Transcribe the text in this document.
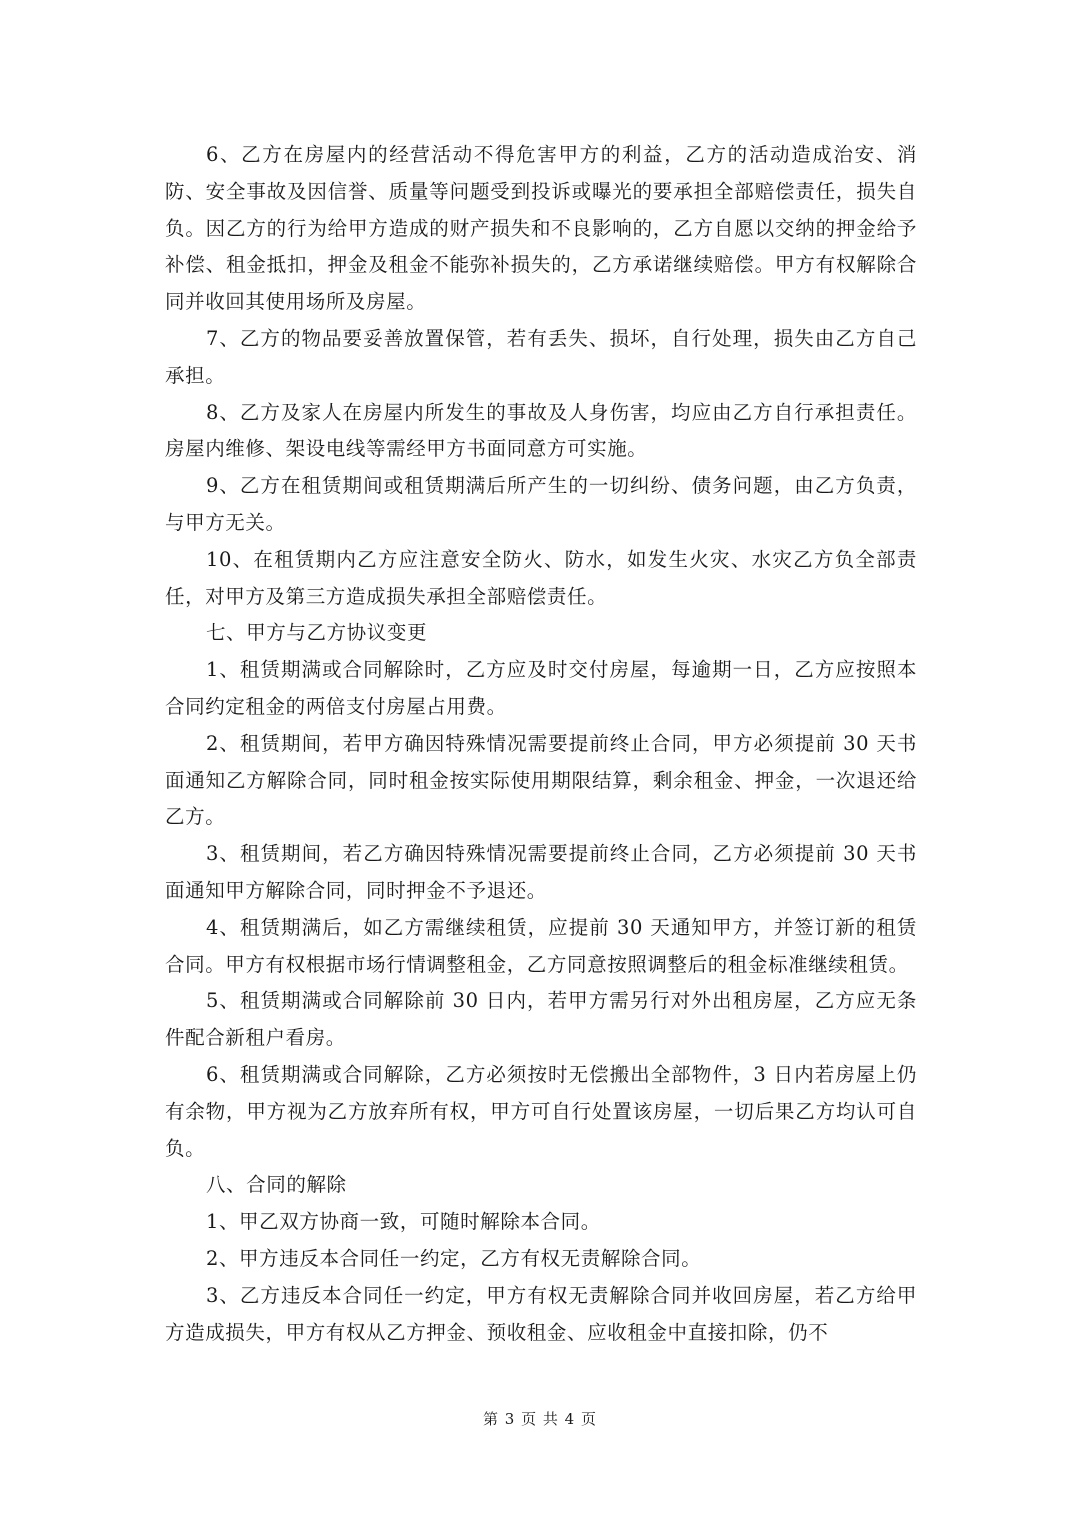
6、乙方在房屋内的经营活动不得危害甲方的利益，乙方的活动造成治安、消防、安全事故及因信誉、质量等问题受到投诉或曝光的要承担全部赔偿责任，损失自负。因乙方的行为给甲方造成的财产损失和不良影响的，乙方自愿以交纳的押金给予补偿、租金抵扣，押金及租金不能弥补损失的，乙方承诺继续赔偿。甲方有权解除合同并收回其使用场所及房屋。

7、乙方的物品要妥善放置保管，若有丢失、损坏，自行处理，损失由乙方自己承担。

8、乙方及家人在房屋内所发生的事故及人身伤害，均应由乙方自行承担责任。房屋内维修、架设电线等需经甲方书面同意方可实施。

9、乙方在租赁期间或租赁期满后所产生的一切纠纷、债务问题，由乙方负责，与甲方无关。

10、在租赁期内乙方应注意安全防火、防水，如发生火灾、水灾乙方负全部责任，对甲方及第三方造成损失承担全部赔偿责任。

七、甲方与乙方协议变更

1、租赁期满或合同解除时，乙方应及时交付房屋，每逾期一日，乙方应按照本合同约定租金的两倍支付房屋占用费。

2、租赁期间，若甲方确因特殊情况需要提前终止合同，甲方必须提前 30 天书面通知乙方解除合同，同时租金按实际使用期限结算，剩余租金、押金，一次退还给乙方。

3、租赁期间，若乙方确因特殊情况需要提前终止合同，乙方必须提前 30 天书面通知甲方解除合同，同时押金不予退还。

4、租赁期满后，如乙方需继续租赁，应提前 30 天通知甲方，并签订新的租赁合同。甲方有权根据市场行情调整租金，乙方同意按照调整后的租金标准继续租赁。

5、租赁期满或合同解除前 30 日内，若甲方需另行对外出租房屋，乙方应无条件配合新租户看房。

6、租赁期满或合同解除，乙方必须按时无偿搬出全部物件，3 日内若房屋上仍有余物，甲方视为乙方放弃所有权，甲方可自行处置该房屋，一切后果乙方均认可自负。

八、合同的解除

1、甲乙双方协商一致，可随时解除本合同。

2、甲方违反本合同任一约定，乙方有权无责解除合同。

3、乙方违反本合同任一约定，甲方有权无责解除合同并收回房屋，若乙方给甲方造成损失，甲方有权从乙方押金、预收租金、应收租金中直接扣除，仍不

第 3 页 共 4 页
